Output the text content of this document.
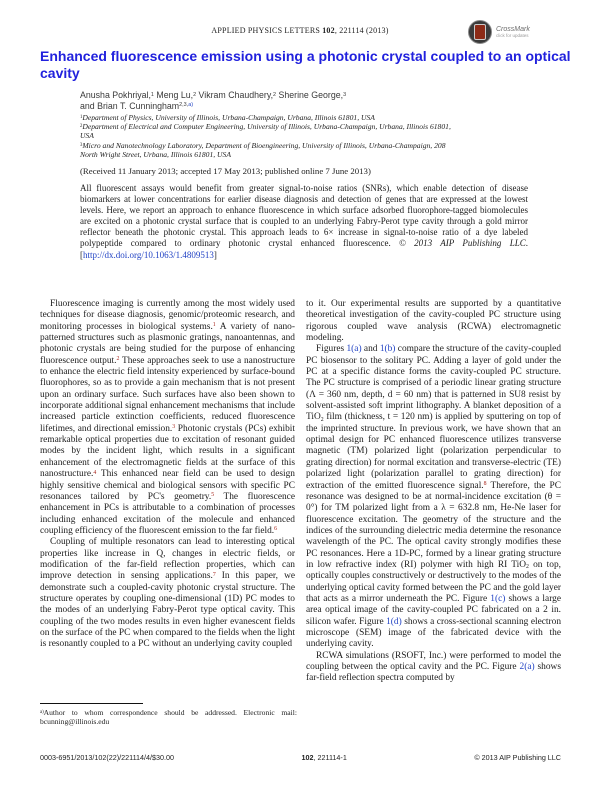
APPLIED PHYSICS LETTERS 102, 221114 (2013)	CrossMark
click for updates
Enhanced fluorescence emission using a photonic crystal coupled to an optical cavity
Anusha Pokhriyal,$^1$ Meng Lu,$^2$ Vikram Chaudhery,$^2$ Sherine George,$^3$
and Brian T. Cunningham$^{2,3,a)}$
$^1$Department of Physics, University of Illinois, Urbana-Champaign, Urbana, Illinois 61801, USA
$^2$Department of Electrical and Computer Engineering, University of Illinois, Urbana-Champaign, Urbana, Illinois 61801, USA
$^3$Micro and Nanotechnology Laboratory, Department of Bioengineering, University of Illinois, Urbana-Champaign, 208 North Wright Street, Urbana, Illinois 61801, USA
(Received 11 January 2013; accepted 17 May 2013; published online 7 June 2013)
All fluorescent assays would benefit from greater signal-to-noise ratios (SNRs), which enable detection of disease biomarkers at lower concentrations for earlier disease diagnosis and detection of genes that are expressed at the lowest levels. Here, we report an approach to enhance fluorescence in which surface adsorbed fluorophore-tagged biomolecules are excited on a photonic crystal surface that is coupled to an underlying Fabry-Perot type cavity through a gold mirror reflector beneath the photonic crystal. This approach leads to 6× increase in signal-to-noise ratio of a dye labeled polypeptide compared to ordinary photonic crystal enhanced fluorescence. © 2013 AIP Publishing LLC. [http://dx.doi.org/10.1063/1.4809513]

Fluorescence imaging is currently among the most widely used techniques for disease diagnosis, genomic/proteomic research, and monitoring processes in biological systems.$^1$ A variety of nano-patterned structures such as plasmonic gratings, nanoantennas, and photonic crystals are being studied for the purpose of enhancing fluorescence output.$^2$ These approaches seek to use a nanostructure to enhance the electric field intensity experienced by surface-bound fluorophores, so as to provide a gain mechanism that is not present upon an ordinary surface. Such surfaces have also been shown to incorporate additional signal enhancement mechanisms that include increased particle extinction coefficients, reduced fluorescence lifetimes, and directional emission.$^3$ Photonic crystals (PCs) exhibit remarkable optical properties due to excitation of resonant guided modes by the incident light, which results in a significant enhancement of the electromagnetic fields at the surface of this nanostructure.$^4$ This enhanced near field can be used to design highly sensitive chemical and biological sensors with specific PC resonances tailored by PC's geometry.$^5$ The fluorescence enhancement in PCs is attributable to a combination of processes including enhanced excitation of the molecule and enhanced coupling efficiency of the fluorescent emission to the far field.$^6$

Coupling of multiple resonators can lead to interesting optical properties like increase in Q, changes in electric fields, or modification of the far-field reflection properties, which can improve detection in sensing applications.$^7$ In this paper, we demonstrate such a coupled-cavity photonic crystal structure. The structure operates by coupling one-dimensional (1D) PC modes to the modes of an underlying Fabry-Perot type optical cavity. This coupling of the two modes results in even higher evanescent fields on the surface of the PC when compared to the fields when the light is resonantly coupled to a PC without an underlying cavity coupled

to it. Our experimental results are supported by a quantitative theoretical investigation of the cavity-coupled PC structure using rigorous coupled wave analysis (RCWA) electromagnetic modeling.

Figures 1(a) and 1(b) compare the structure of the cavity-coupled PC biosensor to the solitary PC. Adding a layer of gold under the PC at a specific distance forms the cavity-coupled PC structure. The PC structure is comprised of a periodic linear grating structure (Λ = 360 nm, depth, d = 60 nm) that is patterned in SU8 resist by solvent-assisted soft imprint lithography. A blanket deposition of a TiO$_2$ film (thickness, t = 120 nm) is applied by sputtering on top of the imprinted structure. In previous work, we have shown that an optimal design for PC enhanced fluorescence utilizes transverse magnetic (TM) polarized light (polarization perpendicular to grating direction) for normal excitation and transverse-electric (TE) polarized light (polarization parallel to grating direction) for extraction of the emitted fluorescence signal.$^8$ Therefore, the PC resonance was designed to be at normal-incidence excitation (θ = 0°) for TM polarized light from a λ = 632.8 nm, He-Ne laser for fluorescence excitation. The geometry of the structure and the indices of the surrounding dielectric media determine the resonance wavelength of the PC. The optical cavity strongly modifies these PC resonances. Here a 1D-PC, formed by a linear grating structure in low refractive index (RI) polymer with high RI TiO$_2$ on top, optically couples constructively or destructively to the modes of the underlying optical cavity formed between the PC and the gold layer that acts as a mirror underneath the PC. Figure 1(c) shows a large area optical image of the cavity-coupled PC fabricated on a 2 in. silicon wafer. Figure 1(d) shows a cross-sectional scanning electron microscope (SEM) image of the fabricated device with the underlying cavity.

RCWA simulations (RSOFT, Inc.) were performed to model the coupling between the optical cavity and the PC. Figure 2(a) shows far-field reflection spectra computed by

$^{a)}$Author to whom correspondence should be addressed. Electronic mail: bcunning@illinois.edu
0003-6951/2013/102(22)/221114/4/$30.00	102, 221114-1	© 2013 AIP Publishing LLC
